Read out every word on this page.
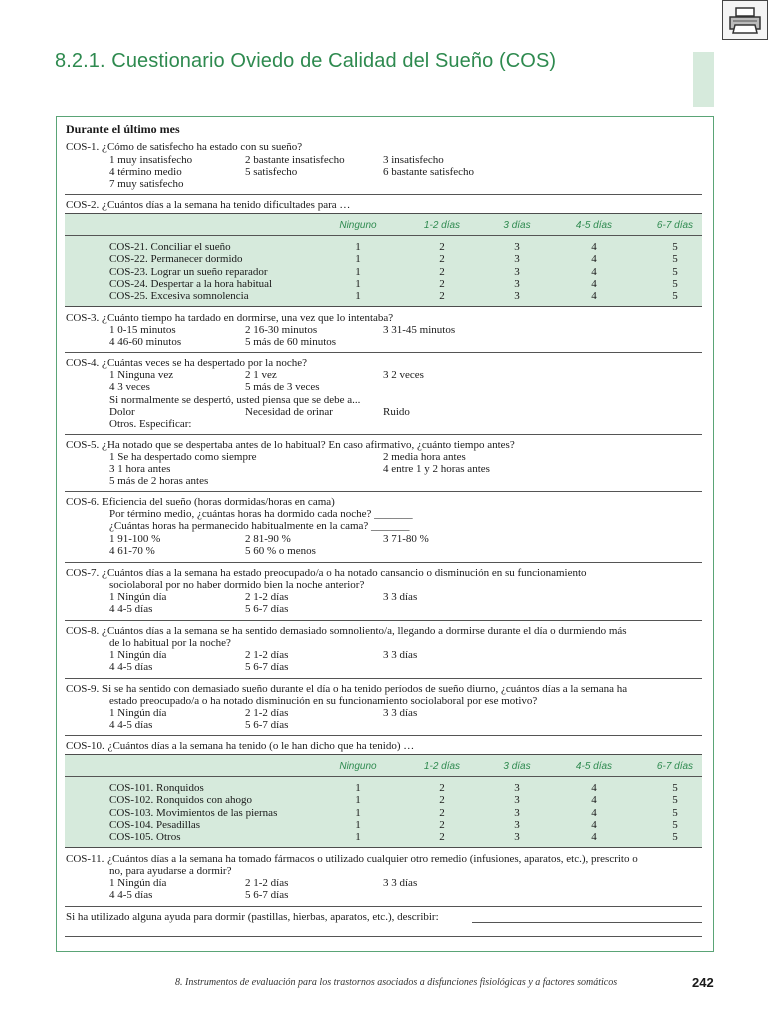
8.2.1. Cuestionario Oviedo de Calidad del Sueño (COS)
Durante el último mes
COS-1. ¿Cómo de satisfecho ha estado con su sueño?
1 muy insatisfecho	2 bastante insatisfecho	3 insatisfecho
4 término medio	5 satisfecho	6 bastante satisfecho
7 muy satisfecho
COS-2. ¿Cuántos días a la semana ha tenido dificultades para …
Ninguno	1-2 días	3 días	4-5 días	6-7 días
COS-21. Conciliar el sueño	1	2	3	4	5
COS-22. Permanecer dormido	1	2	3	4	5
COS-23. Lograr un sueño reparador	1	2	3	4	5
COS-24. Despertar a la hora habitual	1	2	3	4	5
COS-25. Excesiva somnolencia	1	2	3	4	5
COS-3. ¿Cuánto tiempo ha tardado en dormirse, una vez que lo intentaba?
1 0-15 minutos	2 16-30 minutos	3 31-45 minutos
4 46-60 minutos	5 más de 60 minutos
COS-4. ¿Cuántas veces se ha despertado por la noche?
1 Ninguna vez	2 1 vez	3 2 veces
4 3 veces	5 más de 3 veces
Si normalmente se despertó, usted piensa que se debe a...
Dolor	Necesidad de orinar	Ruido
Otros. Especificar:
COS-5. ¿Ha notado que se despertaba antes de lo habitual? En caso afirmativo, ¿cuánto tiempo antes?
1 Se ha despertado como siempre	2 media hora antes
3 1 hora antes	4 entre 1 y 2 horas antes
5 más de 2 horas antes
COS-6. Eficiencia del sueño (horas dormidas/horas en cama)
Por término medio, ¿cuántas horas ha dormido cada noche? _______
¿Cuántas horas ha permanecido habitualmente en la cama? _______
1 91-100 %	2 81-90 %	3 71-80 %
4 61-70 %	5 60 % o menos
COS-7. ¿Cuántos días a la semana ha estado preocupado/a o ha notado cansancio o disminución en su funcionamiento
sociolaboral por no haber dormido bien la noche anterior?
1 Ningún día	2 1-2 días	3 3 días
4 4-5 días	5 6-7 días
COS-8. ¿Cuántos días a la semana se ha sentido demasiado somnoliento/a, llegando a dormirse durante el día o durmiendo más
de lo habitual por la noche?
1 Ningún día	2 1-2 días	3 3 días
4 4-5 días	5 6-7 días
COS-9. Si se ha sentido con demasiado sueño durante el día o ha tenido períodos de sueño diurno, ¿cuántos días a la semana ha
estado preocupado/a o ha notado disminución en su funcionamiento sociolaboral por ese motivo?
1 Ningún día	2 1-2 días	3 3 días
4 4-5 días	5 6-7 días
COS-10. ¿Cuántos días a la semana ha tenido (o le han dicho que ha tenido) …
Ninguno	1-2 días	3 días	4-5 días	6-7 días
COS-101. Ronquidos	1	2	3	4	5
COS-102. Ronquidos con ahogo	1	2	3	4	5
COS-103. Movimientos de las piernas	1	2	3	4	5
COS-104. Pesadillas	1	2	3	4	5
COS-105. Otros	1	2	3	4	5
COS-11. ¿Cuántos días a la semana ha tomado fármacos o utilizado cualquier otro remedio (infusiones, aparatos, etc.), prescrito o
no, para ayudarse a dormir?
1 Ningún día	2 1-2 días	3 3 días
4 4-5 días	5 6-7 días
Si ha utilizado alguna ayuda para dormir (pastillas, hierbas, aparatos, etc.), describir:
8. Instrumentos de evaluación para los trastornos asociados a disfunciones fisiológicas y a factores somáticos	242
